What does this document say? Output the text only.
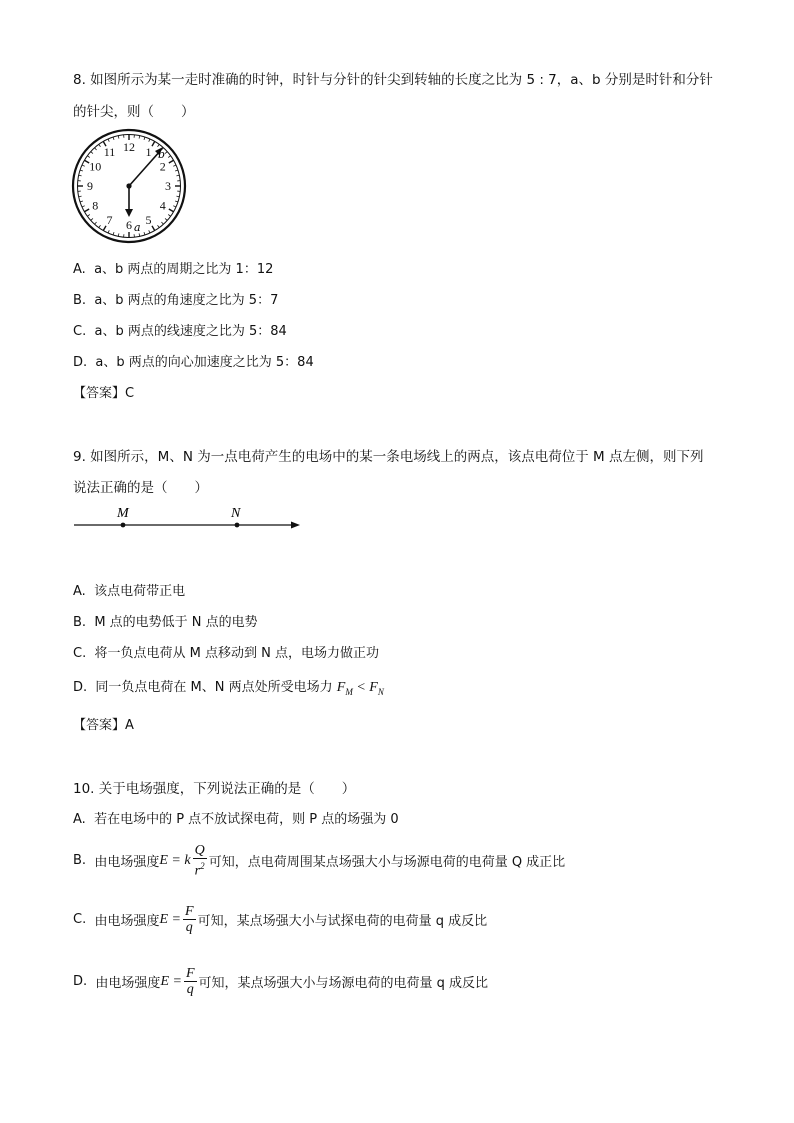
8. 如图所示为某一走时准确的时钟，时针与分针的针尖到转轴的长度之比为 5 : 7，a、b 分别是时针和分针
的针尖，则（　　）
12 1
2
3
4
5
6
7
8
9
10
11	b
a
A. a、b 两点的周期之比为 1：12
B. a、b 两点的角速度之比为 5：7
C. a、b 两点的线速度之比为 5：84
D. a、b 两点的向心加速度之比为 5：84
【答案】C
9. 如图所示，M、N 为一点电荷产生的电场中的某一条电场线上的两点，该点电荷位于 M 点左侧，则下列
说法正确的是（　　）
M	N
A. 该点电荷带正电
B. M 点的电势低于 N 点的电势
C. 将一负点电荷从 M 点移动到 N 点，电场力做正功
D. 同一负点电荷在 M、N 两点处所受电场力 $F_M < F_N$
【答案】A
10. 关于电场强度，下列说法正确的是（　　）
A. 若在电场中的 P 点不放试探电荷，则 P 点的场强为 0
B.
由电场强度 E = k $\frac{Q}{r^2}$ 可知，点电荷周围某点场强大小与场源电荷的电荷量 Q 成正比
C.
由电场强度 $E = \frac{F}{q}$ 可知，某点场强大小与试探电荷的电荷量 q 成反比
D.
由电场强度 $E = \frac{F}{q}$ 可知，某点场强大小与场源电荷的电荷量 q 成反比
